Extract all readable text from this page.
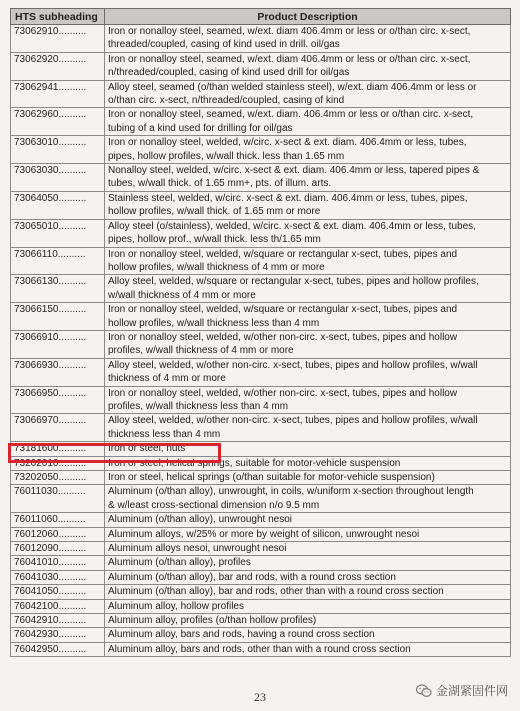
HTS subheading	Product Description
73062910..........	Iron or nonalloy steel, seamed, w/ext. diam 406.4mm or less or o/than circ. x-sect,
threaded/coupled, casing of kind used in drill. oil/gas

73062920..........	Iron or nonalloy steel, seamed, w/ext. diam 406.4mm or less or o/than circ. x-sect,
n/threaded/coupled, casing of kind used drill for oil/gas

73062941..........	Alloy steel, seamed (o/than welded stainless steel), w/ext. diam 406.4mm or less or
o/than circ. x-sect, n/threaded/coupled, casing of kind

73062960..........	Iron or nonalloy steel, seamed, w/ext. diam. 406.4mm or less or o/than circ. x-sect,
tubing of a kind used for drilling for oil/gas

73063010..........	Iron or nonalloy steel, welded, w/circ. x-sect & ext. diam. 406.4mm or less, tubes,
pipes, hollow profiles, w/wall thick. less than 1.65 mm

73063030..........	Nonalloy steel, welded, w/circ. x-sect & ext. diam. 406.4mm or less, tapered pipes &
tubes, w/wall thick. of 1.65 mm+, pts. of illum. arts.

73064050..........	Stainless steel, welded, w/circ. x-sect & ext. diam. 406.4mm or less, tubes, pipes,
hollow profiles, w/wall thick. of 1.65 mm or more

73065010..........	Alloy steel (o/stainless), welded, w/circ. x-sect & ext. diam. 406.4mm or less, tubes,
pipes, hollow prof., w/wall thick. less th/1.65 mm

73066110..........	Iron or nonalloy steel, welded, w/square or rectangular x-sect, tubes, pipes and
hollow profiles, w/wall thickness of 4 mm or more

73066130..........	Alloy steel, welded, w/square or rectangular x-sect, tubes, pipes and hollow profiles,
w/wall thickness of 4 mm or more

73066150..........	Iron or nonalloy steel, welded, w/square or rectangular x-sect, tubes, pipes and
hollow profiles, w/wall thickness less than 4 mm

73066910..........	Iron or nonalloy steel, welded, w/other non-circ. x-sect, tubes, pipes and hollow
profiles, w/wall thickness of 4 mm or more

73066930..........	Alloy steel, welded, w/other non-circ. x-sect, tubes, pipes and hollow profiles, w/wall
thickness of 4 mm or more

73066950..........	Iron or nonalloy steel, welded, w/other non-circ. x-sect, tubes, pipes and hollow
profiles, w/wall thickness less than 4 mm

73066970..........	Alloy steel, welded, w/other non-circ. x-sect, tubes, pipes and hollow profiles, w/wall
thickness less than 4 mm

73181600..........	Iron or steel, nuts

73202010..........	Iron or steel, helical springs, suitable for motor-vehicle suspension

73202050..........	Iron or steel, helical springs (o/than suitable for motor-vehicle suspension)

76011030..........	Aluminum (o/than alloy), unwrought, in coils, w/uniform x-section throughout length
& w/least cross-sectional dimension n/o 9.5 mm

76011060..........	Aluminum (o/than alloy), unwrought nesoi

76012060..........	Aluminum alloys, w/25% or more by weight of silicon, unwrought nesoi

76012090..........	Aluminum alloys nesoi, unwrought nesoi

76041010..........	Aluminum (o/than alloy), profiles

76041030..........	Aluminum (o/than alloy), bar and rods, with a round cross section

76041050..........	Aluminum (o/than alloy), bar and rods, other than with a round cross section

76042100..........	Aluminum alloy, hollow profiles

76042910..........	Aluminum alloy, profiles (o/than hollow profiles)

76042930..........	Aluminum alloy, bars and rods, having a round cross section

76042950..........	Aluminum alloy, bars and rods, other than with a round cross section
23	金湖紧固件网
